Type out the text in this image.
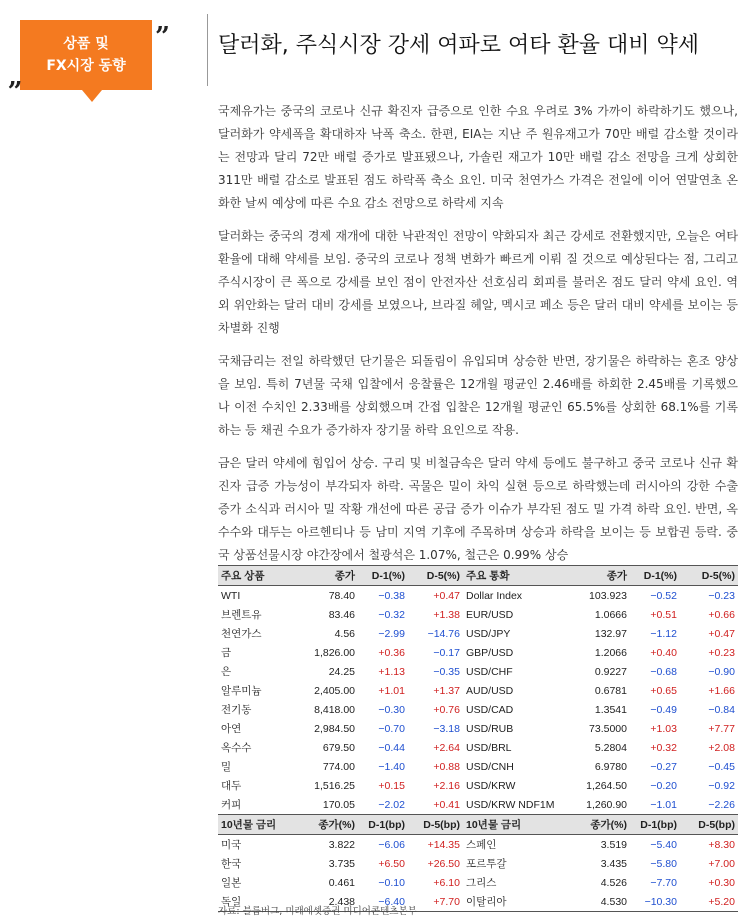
상품 및
FX시장 동향
„
” 달러화, 주식시장 강세 여파로 여타 환율 대비 약세

국제유가는 중국의 코로나 신규 확진자 급증으로 인한 수요 우려로 3% 가까이 하락하기도 했으나, 달러화가 약세폭을 확대하자 낙폭 축소. 한편, EIA는 지난 주 원유재고가 70만 배럴 감소할 것이라는 전망과 달리 72만 배럴 증가로 발표됐으나, 가솔린 재고가 10만 배럴 감소 전망을 크게 상회한 311만 배럴 감소로 발표된 점도 하락폭 축소 요인. 미국 천연가스 가격은 전일에 이어 연말연초 온화한 날씨 예상에 따른 수요 감소 전망으로 하락세 지속

달러화는 중국의 경제 재개에 대한 낙관적인 전망이 약화되자 최근 강세로 전환했지만, 오늘은 여타 환율에 대해 약세를 보임. 중국의 코로나 정책 변화가 빠르게 이뤄 질 것으로 예상된다는 점, 그리고 주식시장이 큰 폭으로 강세를 보인 점이 안전자산 선호심리 회피를 불러온 점도 달러 약세 요인. 역외 위안화는 달러 대비 강세를 보였으나, 브라질 헤알, 멕시코 페소 등은 달러 대비 약세를 보이는 등 차별화 진행

국채금리는 전일 하락했던 단기물은 되돌림이 유입되며 상승한 반면, 장기물은 하락하는 혼조 양상을 보임. 특히 7년물 국채 입찰에서 응찰률은 12개월 평균인 2.46배를 하회한 2.45배를 기록했으나 이전 수치인 2.33배를 상회했으며 간접 입찰은 12개월 평균인 65.5%를 상회한 68.1%를 기록하는 등 채권 수요가 증가하자 장기물 하락 요인으로 작용.

금은 달러 약세에 힘입어 상승. 구리 및 비철금속은 달러 약세 등에도 불구하고 중국 코로나 신규 확진자 급증 가능성이 부각되자 하락. 곡물은 밀이 차익 실현 등으로 하락했는데 러시아의 강한 수출 증가 소식과 러시아 밀 작황 개선에 따른 공급 증가 이슈가 부각된 점도 밀 가격 하락 요인. 반면, 옥수수와 대두는 아르헨티나 등 남미 지역 기후에 주목하며 상승과 하락을 보이는 등 보합권 등락. 중국 상품선물시장 야간장에서 철광석은 1.07%, 철근은 0.99% 상승

주요 상품	종가	D-1(%)	D-5(%)	주요 통화	종가	D-1(%)	D-5(%)
WTI	78.40	−0.38	+0.47	Dollar Index	103.923	−0.52	−0.23
브렌트유	83.46	−0.32	+1.38	EUR/USD	1.0666	+0.51	+0.66
천연가스	4.56	−2.99	−14.76	USD/JPY	132.97	−1.12	+0.47
금	1,826.00	+0.36	−0.17	GBP/USD	1.2066	+0.40	+0.23
은	24.25	+1.13	−0.35	USD/CHF	0.9227	−0.68	−0.90
알루미늄	2,405.00	+1.01	+1.37	AUD/USD	0.6781	+0.65	+1.66
전기동	8,418.00	−0.30	+0.76	USD/CAD	1.3541	−0.49	−0.84
아연	2,984.50	−0.70	−3.18	USD/RUB	73.5000	+1.03	+7.77
옥수수	679.50	−0.44	+2.64	USD/BRL	5.2804	+0.32	+2.08
밀	774.00	−1.40	+0.88	USD/CNH	6.9780	−0.27	−0.45
대두	1,516.25	+0.15	+2.16	USD/KRW	1,264.50	−0.20	−0.92
커피	170.05	−2.02	+0.41	USD/KRW NDF1M	1,260.90	−1.01	−2.26
10년물 금리	종가(%)	D-1(bp)	D-5(bp)	10년물 금리	종가(%)	D-1(bp)	D-5(bp)
미국	3.822	−6.06	+14.35	스페인	3.519	−5.40	+8.30
한국	3.735	+6.50	+26.50	포르투갈	3.435	−5.80	+7.00
일본	0.461	−0.10	+6.10	그리스	4.526	−7.70	+0.30
독일	2.438	−6.40	+7.70	이탈리아	4.530	−10.30	+5.20
자료: 블룸버그, 미래에셋증권 미디어콘텐츠본부
